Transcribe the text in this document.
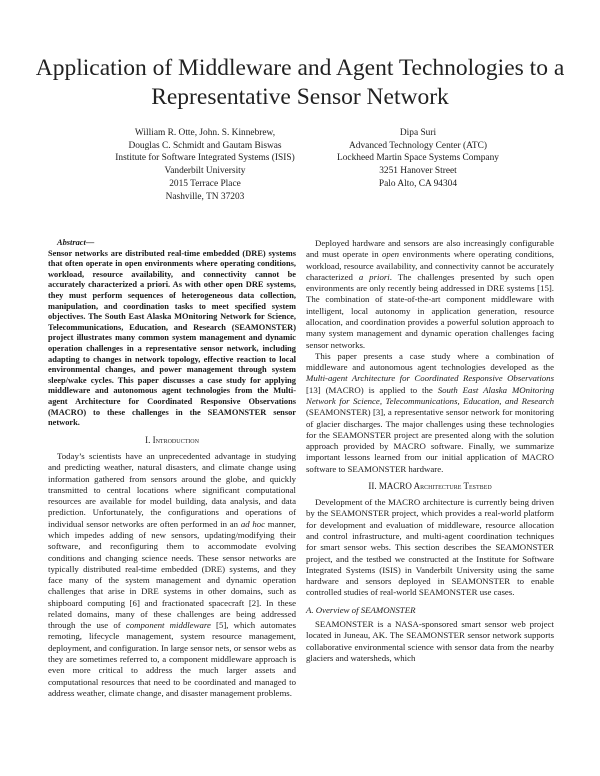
Application of Middleware and Agent Technologies to a Representative Sensor Network
William R. Otte, John. S. Kinnebrew,
Douglas C. Schmidt and Gautam Biswas
Institute for Software Integrated Systems (ISIS)
Vanderbilt University
2015 Terrace Place
Nashville, TN 37203
Dipa Suri
Advanced Technology Center (ATC)
Lockheed Martin Space Systems Company
3251 Hanover Street
Palo Alto, CA 94304

Abstract—
Sensor networks are distributed real-time embedded (DRE) systems that often operate in open environments where operating conditions, workload, resource availability, and connectivity cannot be accurately characterized a priori. As with other open DRE systems, they must perform sequences of heterogeneous data collection, manipulation, and coordination tasks to meet specified system objectives. The South East Alaska MOnitoring Network for Science, Telecommunications, Education, and Research (SEAMONSTER) project illustrates many common system management and dynamic operation challenges in a representative sensor network, including adapting to changes in network topology, effective reaction to local environmental changes, and power management through system sleep/wake cycles. This paper discusses a case study for applying middleware and autonomous agent technologies from the Multi-agent Architecture for Coordinated Responsive Observations (MACRO) to these challenges in the SEAMONSTER sensor network.

I. Introduction

Today’s scientists have an unprecedented advantage in studying and predicting weather, natural disasters, and climate change using information gathered from sensors around the globe, and quickly transmitted to central locations where significant computational resources are available for model building, data analysis, and data prediction. Unfortunately, the configurations and operations of individual sensor networks are often performed in an ad hoc manner, which impedes adding of new sensors, updating/modifying their software, and reconfiguring them to accommodate evolving conditions and changing science needs. These sensor networks are typically distributed real-time embedded (DRE) systems, and they face many of the system management and dynamic operation challenges that arise in DRE systems in other domains, such as shipboard computing [6] and fractionated spacecraft [2]. In these related domains, many of these challenges are being addressed through the use of component middleware [5], which automates remoting, lifecycle management, system resource management, deployment, and configuration. In large sensor nets, or sensor webs as they are sometimes referred to, a component middleware approach is even more critical to address the much larger assets and computational resources that need to be coordinated and managed to address weather, climate change, and disaster management problems.

Deployed hardware and sensors are also increasingly configurable and must operate in open environments where operating conditions, workload, resource availability, and connectivity cannot be accurately characterized a priori. The challenges presented by such open environments are only recently being addressed in DRE systems [15]. The combination of state-of-the-art component middleware with intelligent, local autonomy in application generation, resource allocation, and coordination provides a powerful solution approach to many system management and dynamic operation challenges facing sensor networks.

This paper presents a case study where a combination of middleware and autonomous agent technologies developed as the Multi-agent Architecture for Coordinated Responsive Observations [13] (MACRO) is applied to the South East Alaska MOnitoring Network for Science, Telecommunications, Education, and Research (SEAMONSTER) [3], a representative sensor network for monitoring of glacier discharges. The major challenges using these technologies for the SEAMONSTER project are presented along with the solution approach provided by MACRO software. Finally, we summarize important lessons learned from our initial application of MACRO software to SEAMONSTER hardware.

II. MACRO Architecture Testbed

Development of the MACRO architecture is currently being driven by the SEAMONSTER project, which provides a real-world platform for development and evaluation of middleware, resource allocation and control infrastructure, and multi-agent coordination techniques for smart sensor webs. This section describes the SEAMONSTER project, and the testbed we constructed at the Institute for Software Integrated Systems (ISIS) in Vanderbilt University using the same hardware and sensors deployed in SEAMONSTER to enable controlled studies of real-world SEAMONSTER use cases.

A. Overview of SEAMONSTER

SEAMONSTER is a NASA-sponsored smart sensor web project located in Juneau, AK. The SEAMONSTER sensor network supports collaborative environmental science with sensor data from the nearby glaciers and watersheds, which
